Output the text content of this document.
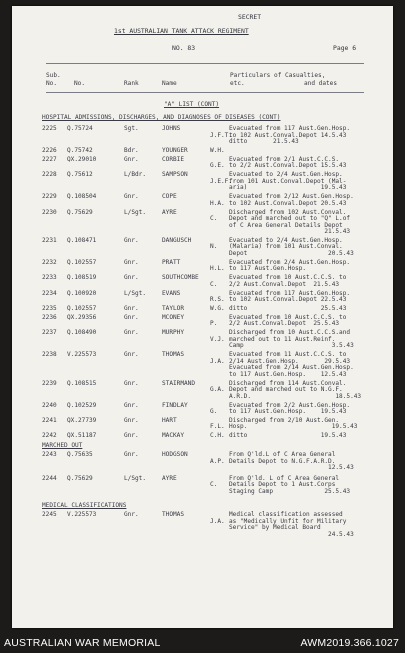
SECRET
1st AUSTRALIAN TANK ATTACK REGIMENT
NO. 83	Page 6
Sub.
No.	No.	Rank	Name
Particulars of Casualties,
etc.	and dates
"A" LIST (CONT)
HOSPITAL ADMISSIONS, DISCHARGES, AND DIAGNOSES OF DISEASES (CONT)
2225 Q.75724	Sgt.	JOHNS
J.F.T.
Evacuated from 117 Aust.Gen.Hosp.
to 102 Aust.Conval.Depot 14.5.43
ditto       21.5.43
2226 Q.75742	Bdr.	YOUNGER	W.H.
2227 QX.29010	Gnr.	CORBIE
G.E.
Evacuated from 2/1 Aust.C.C.S.
to 2/2 Aust.Conval.Depot 15.5.43
2228 Q.75612	L/Bdr.	SAMPSON
J.E.F.
Evacuated to 2/4 Aust.Gen.Hosp.
from 101 Aust.Conval.Depot (Mal-
aria)                    19.5.43
2229 Q.108504	Gnr.	COPE
H.A.
Evacuated from 2/12 Aust.Gen.Hosp.
to 102 Aust.Conval.Depot 20.5.43
2230 Q.75629	L/Sgt.	AYRE
C.
Discharged from 102 Aust.Conval.
Depot and marched out to "Q" L.of
of C Area General Details Depot
21.5.43
2231 Q.108471	Gnr.	DANGUSCH
N.
Evacuated to 2/4 Aust.Gen.Hosp.
(Malaria) from 101 Aust.Conval.
Depot                      20.5.43
2232 Q.102557	Gnr.	PRATT
H.L.
Evacuated from 2/4 Aust.Gen.Hosp.
to 117 Aust.Gen.Hosp.
2233 Q.108519	Gnr.	SOUTHCOMBE
C.
Evacuated from 10 Aust.C.C.S. to
2/2 Aust.Conval.Depot  21.5.43
2234 Q.100920	L/Sgt.	EVANS
R.S.
Evacuated from 117 Aust.Gen.Hosp.
to 102 Aust.Conval.Depot 22.5.43
2235 Q.102557	Gnr.	TAYLOR	W.G. ditto                    25.5.43
2236 QX.29356	Gnr.	MCONEY
P.
Evacuated from 10 Aust.C.C.S. to
2/2 Aust.Conval.Depot  25.5.43
2237 Q.108490	Gnr.	MURPHY
V.J.
Discharged from 10 Aust.C.C.S.and
marched out to 11 Aust.Reinf.
Camp                        3.5.43
2238 V.225573	Gnr.	THOMAS
J.A.
Evacuated from 11 Aust.C.C.S. to
2/14 Aust.Gen.Hosp.       29.5.43
Evacuated from 2/14 Aust.Gen.Hosp.
to 117 Aust.Gen.Hosp.    12.5.43
2239 Q.108515	Gnr.	STAIRMAND
G.A.
Discharged from 114 Aust.Conval.
Depot and marched out to N.G.F.
A.R.D.                       18.5.43
2240 Q.102529	Gnr.	FINDLAY
G.
Evacuated from 2/2 Aust.Gen.Hosp.
to 117 Aust.Gen.Hosp.    19.5.43
2241 QX.27739	Gnr.	HART
F.L.
Discharged from 2/10 Aust.Gen.
Hosp.                       19.5.43
2242 QX.51187	Gnr.	MACKAY	C.H. ditto                    19.5.43
MARCHED OUT
2243 Q.75635	Gnr.	HODGSON
A.P.
From Q'ld.L of C Area General
Details Depot to N.G.F.A.R.D.
12.5.43
2244 Q.75629	L/Sgt.	AYRE
C.
From Q'ld. L of C Area General
Details Depot to 1 Aust.Corps
Staging Camp              25.5.43
MEDICAL CLASSIFICATIONS
2245 V.225573	Gnr.	THOMAS
J.A.
Medical classification assessed
as "Medically Unfit for Military
Service" by Medical Board
24.5.43
AUSTRALIAN WAR MEMORIAL	AWM2019.366.1027
